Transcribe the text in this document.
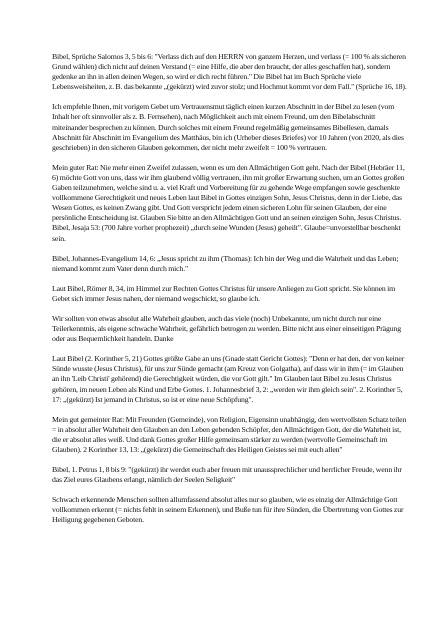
Bibel, Sprüche Salomos 3, 5 bis 6: "Verlass dich auf den HERRN von ganzem Herzen, und verlass (= 100 % als sicheren Grund wählen) dich nicht auf deinen Verstand (= eine Hilfe, die aber den braucht, der alles geschaffen hat), sondern gedenke an ihn in allen deinen Wegen, so wird er dich recht führen." Die Bibel hat im Buch Sprüche viele Lebensweisheiten, z. B. das bekannte „(gekürzt) wird zuvor stolz; und Hochmut kommt vor dem Fall." (Sprüche 16, 18).

Ich empfehle Ihnen, mit vorigem Gebet um Vertrauensmut täglich einen kurzen Abschnitt in der Bibel zu lesen (vom Inhalt her oft sinnvoller als z. B. Fernsehen), nach Möglichkeit auch mit einem Freund, um den Bibelabschnitt miteinander besprechen zu können. Durch solches mit einem Freund regelmäßig gemeinsames Bibellesen, damals Abschnitt für Abschnitt im Evangelium des Matthäus, bin ich (Urheber dieses Briefes) vor 10 Jahren (von 2020, als dies geschrieben) in den sicheren Glauben gekommen, der nicht mehr zweifelt = 100 % vertrauen.

Mein guter Rat: Nie mehr einen Zweifel zulassen, wenn es um den Allmächtigen Gott geht. Nach der Bibel (Hebräer 11, 6) möchte Gott von uns, dass wir ihm glaubend völlig vertrauen, ihn mit großer Erwartung suchen, um an Gottes großen Gaben teilzunehmen, welche sind u. a. viel Kraft und Vorbereitung für zu gehende Wege empfangen sowie geschenkte vollkommene Gerechtigkeit und neues Leben laut Bibel in Gottes einzigen Sohn, Jesus Christus, denn in der Liebe, das Wesen Gottes, es keinen Zwang gibt. Und Gott verspricht jedem einen sicheren Lohn für seinen Glauben, der eine persönliche Entscheidung ist. Glauben Sie bitte an den Allmächtigen Gott und an seinen einzigen Sohn, Jesus Christus. Bibel, Jesaja 53: (700 Jahre vorher prophezeit) „durch seine Wunden (Jesus) geheilt". Glaube=unvorstellbar beschenkt sein.

Bibel, Johannes-Evangelium 14, 6: „Jesus spricht zu ihm (Thomas): Ich bin der Weg und die Wahrheit und das Leben; niemand kommt zum Vater denn durch mich."

Laut Bibel, Römer 8, 34, im Himmel zur Rechten Gottes Christus für unsere Anliegen zu Gott spricht. Sie können im Gebet sich immer Jesus nahen, der niemand wegschickt, so glaube ich.

Wir sollten von etwas absolut alle Wahrheit glauben, auch das viele (noch) Unbekannte, um nicht durch nur eine Teilerkenntnis, als eigene schwache Wahrheit, gefährlich betrogen zu werden. Bitte nicht aus einer einseitigen Prägung oder aus Bequemlichkeit handeln. Danke

Laut Bibel (2. Korinther 5, 21) Gottes größte Gabe an uns (Gnade statt Gericht Gottes): "Denn er hat den, der von keiner Sünde wusste (Jesus Christus), für uns zur Sünde gemacht (am Kreuz von Golgatha), auf dass wir in ihm (= im Glauben an ihn 'Leib Christi' gehörend) die Gerechtigkeit würden, die vor Gott gilt." Im Glauben laut Bibel zu Jesus Christus gehören, im neuen Leben als Kind und Erbe Gottes. 1. Johannesbrief 3, 2: „werden wir ihm gleich sein". 2. Korinther 5, 17: „(gekürzt) Ist jemand in Christus, so ist er eine neue Schöpfung".

Mein gut gemeinter Rat: Mit Freunden (Gemeinde), von Religion, Eigensinn unabhängig, den wertvollsten Schatz teilen = in absolut aller Wahrheit den Glauben an den Leben gebenden Schöpfer, den Allmächtigen Gott, der die Wahrheit ist, die er absolut alles weiß. Und dank Gottes großer Hilfe gemeinsam stärker zu werden (wertvolle Gemeinschaft im Glauben). 2 Korinther 13, 13: „(gekürzt) die Gemeinschaft des Heiligen Geistes sei mit euch allen"

Bibel, 1. Petrus 1, 8 bis 9: "(gekürzt) ihr werdet euch aber freuen mit unaussprechlicher und herrlicher Freude, wenn ihr das Ziel eures Glaubens erlangt, nämlich der Seelen Seligkeit"

Schwach erkennende Menschen sollten allumfassend absolut alles nur so glauben, wie es einzig der Allmächtige Gott vollkommen erkennt (= nichts fehlt in seinem Erkennen), und Buße tun für ihre Sünden, die Übertretung von Gottes zur Heiligung gegebenen Geboten.
